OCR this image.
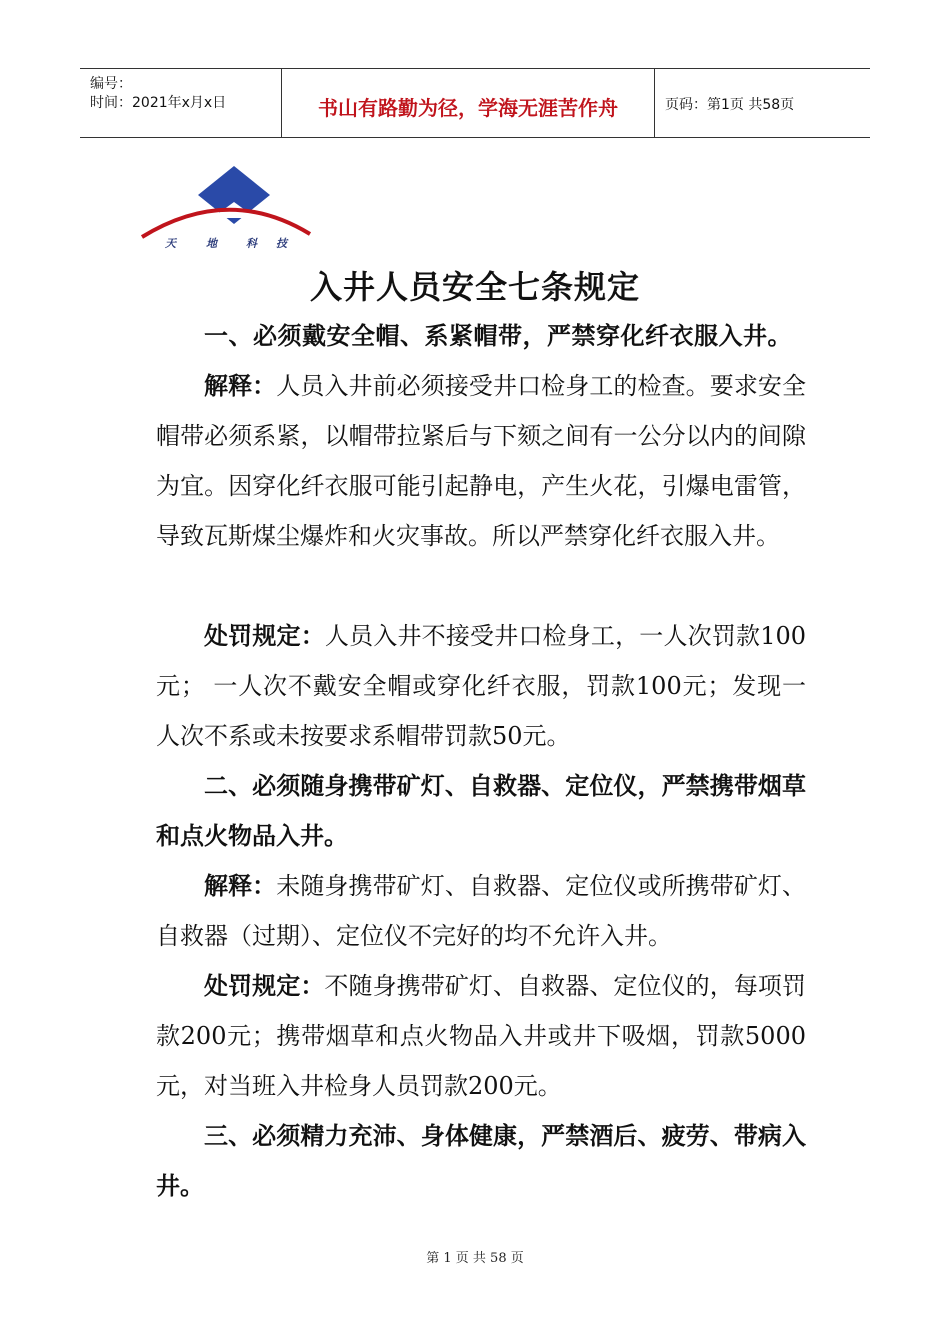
编号：
时间：2021年x月x日	书山有路勤为径，学海无涯苦作舟	页码：第1页 共58页
天	地	科 技
入井人员安全七条规定

一、必须戴安全帽、系紧帽带，严禁穿化纤衣服入井。

解释：人员入井前必须接受井口检身工的检查。要求安全帽带必须系紧，以帽带拉紧后与下颏之间有一公分以内的间隙为宜。因穿化纤衣服可能引起静电，产生火花，引爆电雷管，导致瓦斯煤尘爆炸和火灾事故。所以严禁穿化纤衣服入井。

处罚规定：人员入井不接受井口检身工，一人次罚款100元； 一人次不戴安全帽或穿化纤衣服，罚款100元；发现一人次不系或未按要求系帽带罚款50元。

二、必须随身携带矿灯、自救器、定位仪，严禁携带烟草和点火物品入井。

解释：未随身携带矿灯、自救器、定位仪或所携带矿灯、自救器（过期）、定位仪不完好的均不允许入井。

处罚规定：不随身携带矿灯、自救器、定位仪的，每项罚款200元；携带烟草和点火物品入井或井下吸烟，罚款5000元，对当班入井检身人员罚款200元。

三、必须精力充沛、身体健康，严禁酒后、疲劳、带病入井。

第 1 页 共 58 页
